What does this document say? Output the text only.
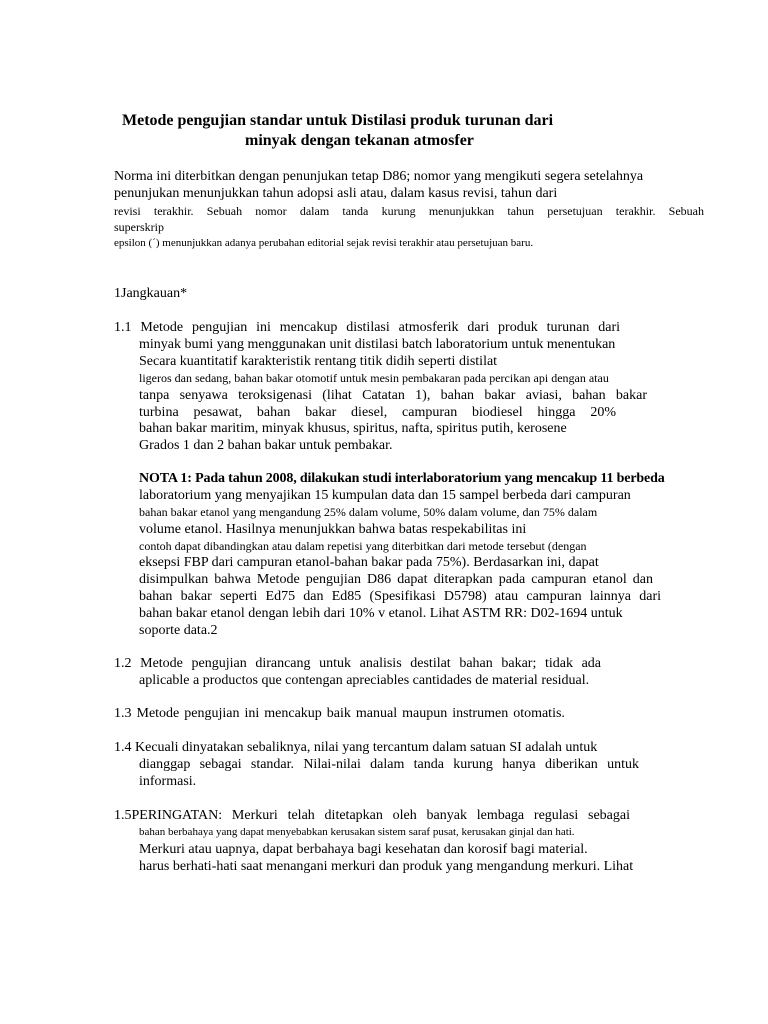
Metode pengujian standar untuk Distilasi produk turunan dari
minyak dengan tekanan atmosfer
Norma ini diterbitkan dengan penunjukan tetap D86; nomor yang mengikuti segera setelahnya
penunjukan menunjukkan tahun adopsi asli atau, dalam kasus revisi, tahun dari
revisi terakhir. Sebuah nomor dalam tanda kurung menunjukkan tahun persetujuan terakhir. Sebuah
superskrip
epsilon (´) menunjukkan adanya perubahan editorial sejak revisi terakhir atau persetujuan baru.
1Jangkauan*
1.1 Metode pengujian ini mencakup distilasi atmosferik dari produk turunan dari
minyak bumi yang menggunakan unit distilasi batch laboratorium untuk menentukan
Secara kuantitatif karakteristik rentang titik didih seperti distilat
ligeros dan sedang, bahan bakar otomotif untuk mesin pembakaran pada percikan api dengan atau
tanpa senyawa teroksigenasi (lihat Catatan 1), bahan bakar aviasi, bahan bakar
turbina pesawat, bahan bakar diesel, campuran biodiesel hingga 20%
bahan bakar maritim, minyak khusus, spiritus, nafta, spiritus putih, kerosene
Grados 1 dan 2 bahan bakar untuk pembakar.
NOTA 1: Pada tahun 2008, dilakukan studi interlaboratorium yang mencakup 11 berbeda
laboratorium yang menyajikan 15 kumpulan data dan 15 sampel berbeda dari campuran
bahan bakar etanol yang mengandung 25% dalam volume, 50% dalam volume, dan 75% dalam
volume etanol. Hasilnya menunjukkan bahwa batas respekabilitas ini
contoh dapat dibandingkan atau dalam repetisi yang diterbitkan dari metode tersebut (dengan
eksepsi FBP dari campuran etanol-bahan bakar pada 75%). Berdasarkan ini, dapat
disimpulkan bahwa Metode pengujian D86 dapat diterapkan pada campuran etanol dan
bahan bakar seperti Ed75 dan Ed85 (Spesifikasi D5798) atau campuran lainnya dari
bahan bakar etanol dengan lebih dari 10% v etanol. Lihat ASTM RR: D02-1694 untuk
soporte data.2
1.2 Metode pengujian dirancang untuk analisis destilat bahan bakar; tidak ada
aplicable a productos que contengan apreciables cantidades de material residual.
1.3 Metode pengujian ini mencakup baik manual maupun instrumen otomatis.
1.4 Kecuali dinyatakan sebaliknya, nilai yang tercantum dalam satuan SI adalah untuk
dianggap sebagai standar. Nilai-nilai dalam tanda kurung hanya diberikan untuk
informasi.
1.5PERINGATAN: Merkuri telah ditetapkan oleh banyak lembaga regulasi sebagai
bahan berbahaya yang dapat menyebabkan kerusakan sistem saraf pusat, kerusakan ginjal dan hati.
Merkuri atau uapnya, dapat berbahaya bagi kesehatan dan korosif bagi material.
harus berhati-hati saat menangani merkuri dan produk yang mengandung merkuri. Lihat
